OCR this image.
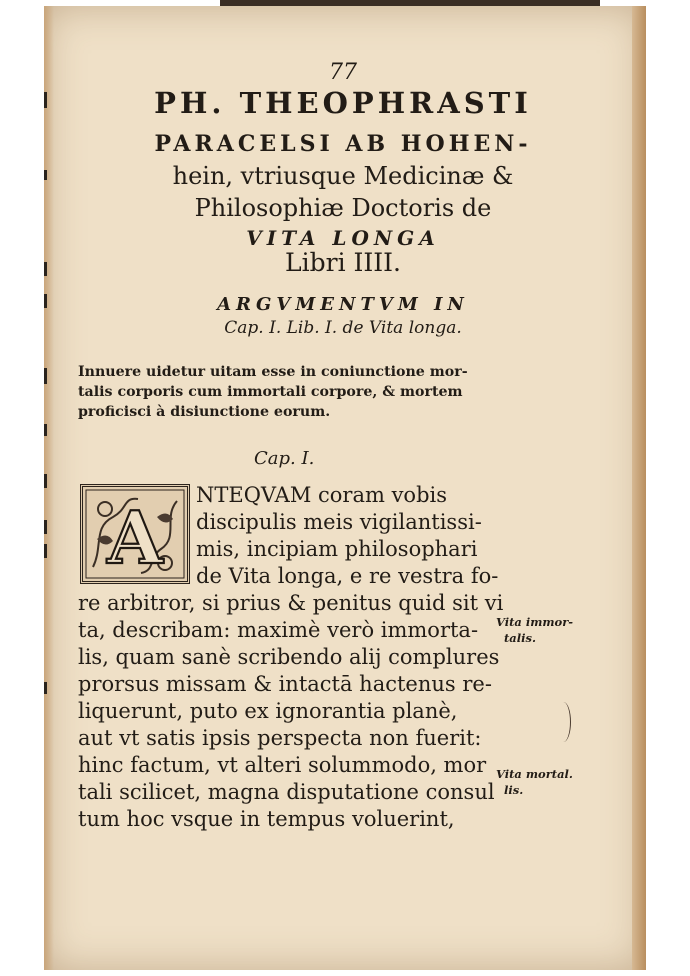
77
PH. THEOPHRASTI
PARACELSI AB HOHEN-
hein, vtriusque Medicinæ &
Philosophiæ Doctoris de
VITA LONGA
Libri IIII.
ARGVMENTVM IN
Cap. I. Lib. I. de Vita longa.
Innuere uidetur uitam esse in coniunctione mor-
talis corporis cum immortali corpore, & mortem
proficisci à disiunctione eorum.
Cap. I.
A NTEQVAM coram vobis
discipulis meis vigilantissi-
mis, incipiam philosophari
de Vita longa, e re vestra fo-
re arbitror, si prius & penitus quid sit vi
ta, describam: maximè verò immorta-
lis, quam sanè scribendo alij complures
prorsus missam & intactā hactenus re-
liquerunt, puto ex ignorantia planè,
aut vt satis ipsis perspecta non fuerit:
hinc factum, vt alteri solummodo, mor
tali scilicet, magna disputatione consul
tum hoc vsque in tempus voluerint,
Vita immor-
talis.
Vita mortal.
lis.
